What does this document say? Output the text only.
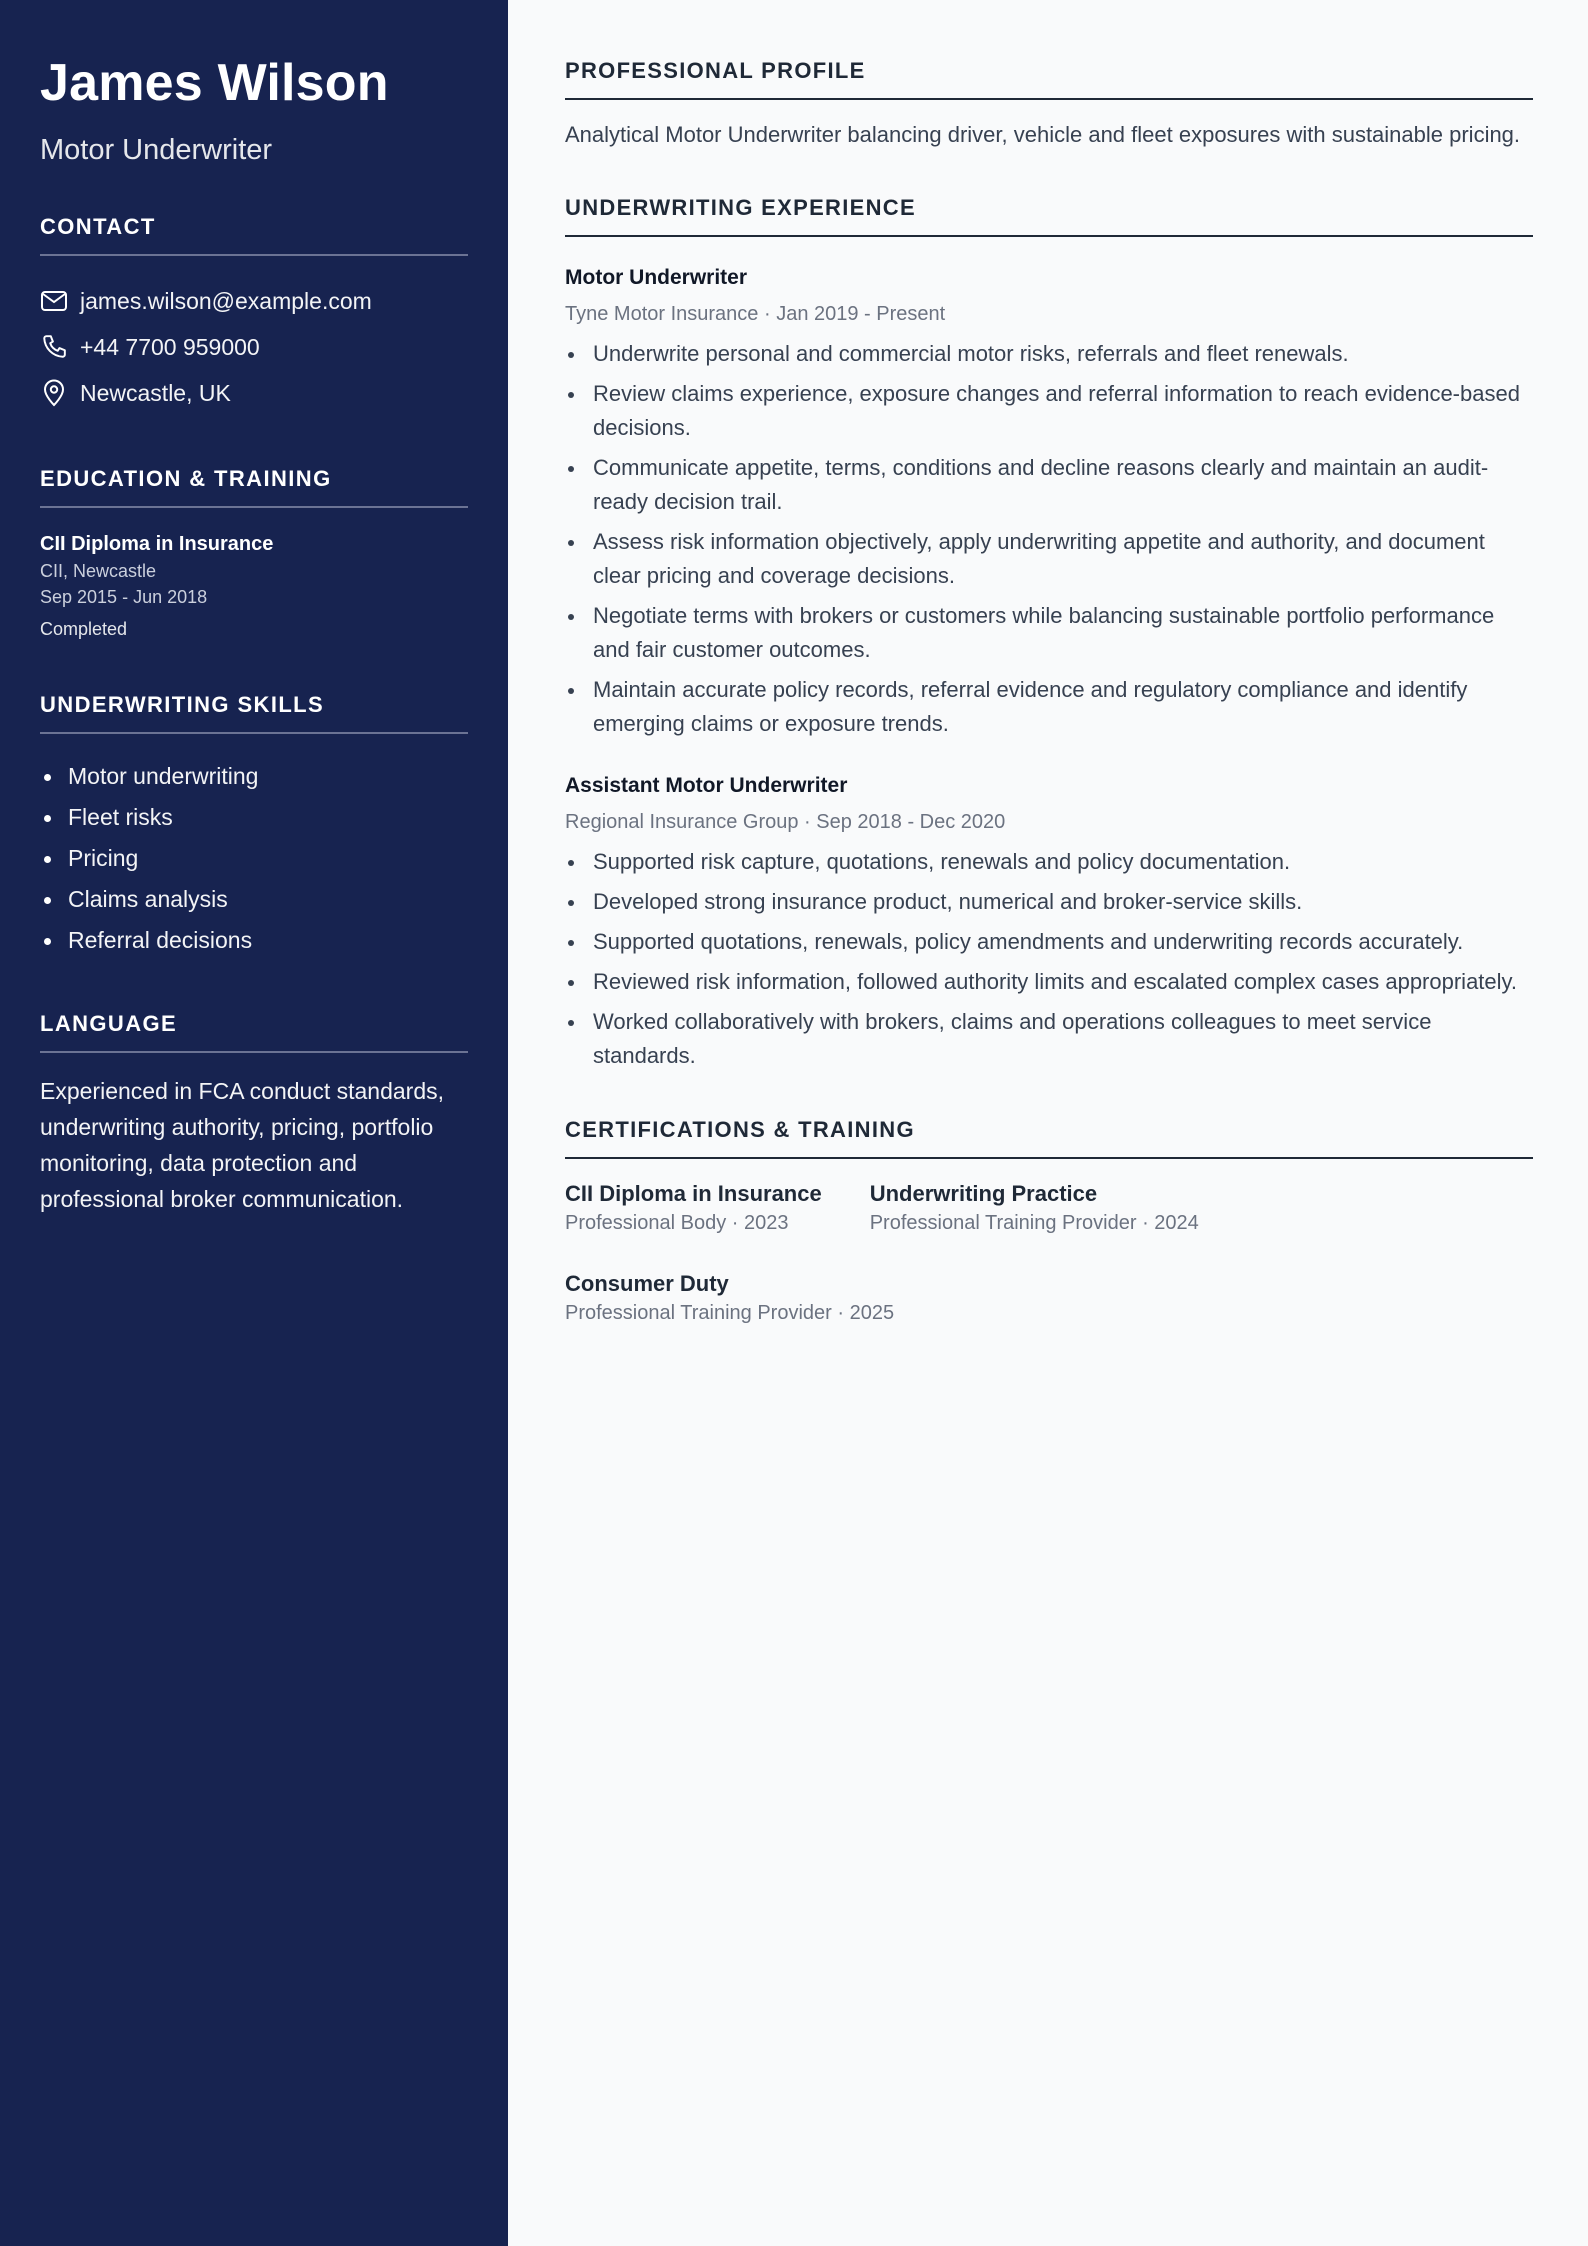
James Wilson
Motor Underwriter
CONTACT
james.wilson@example.com
+44 7700 959000
Newcastle, UK
EDUCATION & TRAINING
CII Diploma in Insurance
CII, Newcastle
Sep 2015 - Jun 2018
Completed
UNDERWRITING SKILLS
Motor underwriting
Fleet risks
Pricing
Claims analysis
Referral decisions
LANGUAGE
Experienced in FCA conduct standards, underwriting authority, pricing, portfolio monitoring, data protection and professional broker communication.
PROFESSIONAL PROFILE
Analytical Motor Underwriter balancing driver, vehicle and fleet exposures with sustainable pricing.
UNDERWRITING EXPERIENCE
Motor Underwriter
Tyne Motor Insurance · Jan 2019 - Present
Underwrite personal and commercial motor risks, referrals and fleet renewals.
Review claims experience, exposure changes and referral information to reach evidence-based decisions.
Communicate appetite, terms, conditions and decline reasons clearly and maintain an audit-ready decision trail.
Assess risk information objectively, apply underwriting appetite and authority, and document clear pricing and coverage decisions.
Negotiate terms with brokers or customers while balancing sustainable portfolio performance and fair customer outcomes.
Maintain accurate policy records, referral evidence and regulatory compliance and identify emerging claims or exposure trends.
Assistant Motor Underwriter
Regional Insurance Group · Sep 2018 - Dec 2020
Supported risk capture, quotations, renewals and policy documentation.
Developed strong insurance product, numerical and broker-service skills.
Supported quotations, renewals, policy amendments and underwriting records accurately.
Reviewed risk information, followed authority limits and escalated complex cases appropriately.
Worked collaboratively with brokers, claims and operations colleagues to meet service standards.
CERTIFICATIONS & TRAINING
CII Diploma in Insurance
Professional Body · 2023
Underwriting Practice
Professional Training Provider · 2024
Consumer Duty
Professional Training Provider · 2025
